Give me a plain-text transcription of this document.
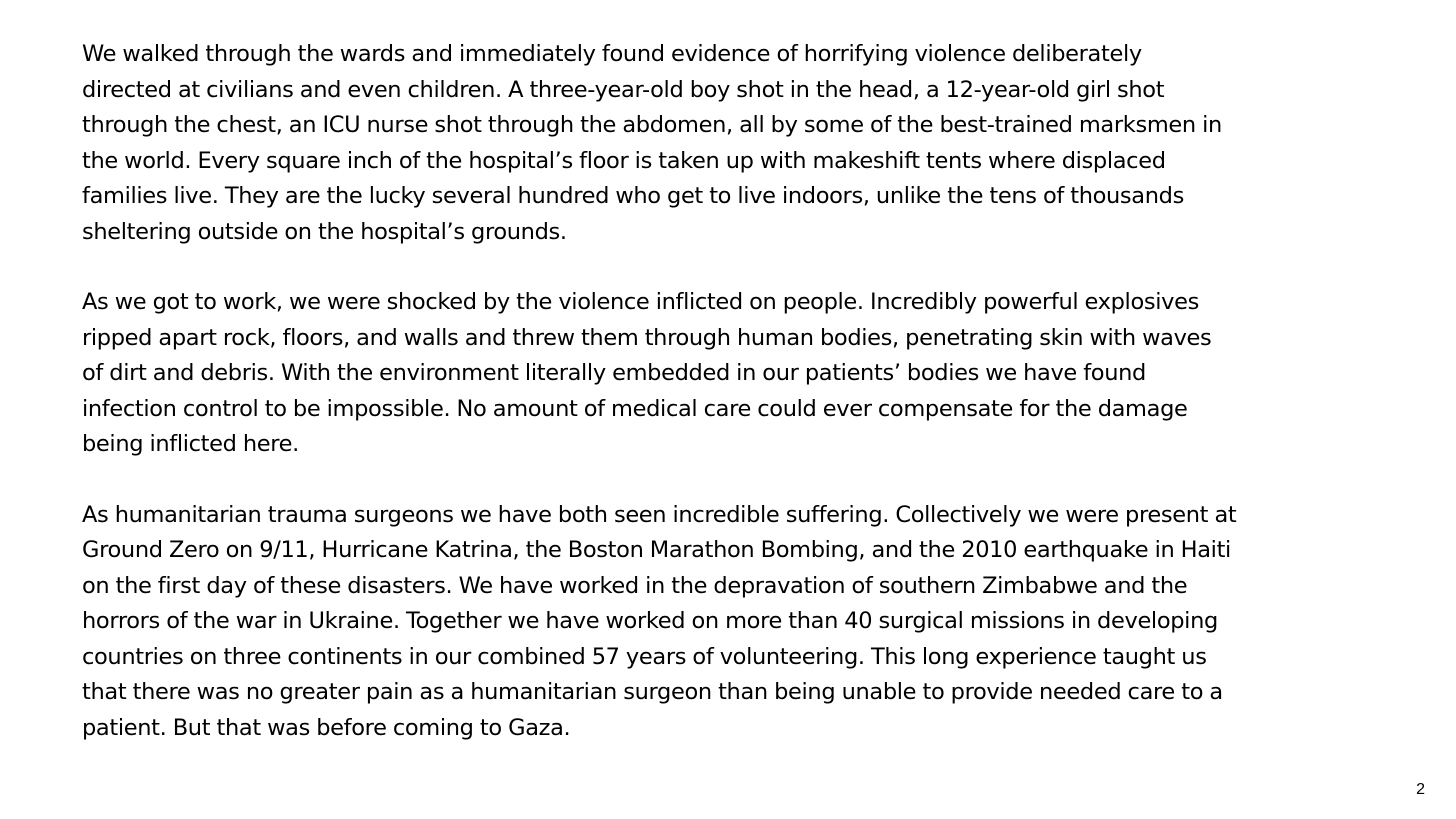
We walked through the wards and immediately found evidence of horrifying violence deliberately
directed at civilians and even children. A three-year-old boy shot in the head, a 12-year-old girl shot
through the chest, an ICU nurse shot through the abdomen, all by some of the best-trained marksmen in
the world. Every square inch of the hospital’s floor is taken up with makeshift tents where displaced
families live. They are the lucky several hundred who get to live indoors, unlike the tens of thousands
sheltering outside on the hospital’s grounds.

As we got to work, we were shocked by the violence inflicted on people. Incredibly powerful explosives
ripped apart rock, floors, and walls and threw them through human bodies, penetrating skin with waves
of dirt and debris. With the environment literally embedded in our patients’ bodies we have found
infection control to be impossible. No amount of medical care could ever compensate for the damage
being inflicted here.

As humanitarian trauma surgeons we have both seen incredible suffering. Collectively we were present at
Ground Zero on 9/11, Hurricane Katrina, the Boston Marathon Bombing, and the 2010 earthquake in Haiti
on the first day of these disasters. We have worked in the depravation of southern Zimbabwe and the
horrors of the war in Ukraine. Together we have worked on more than 40 surgical missions in developing
countries on three continents in our combined 57 years of volunteering. This long experience taught us
that there was no greater pain as a humanitarian surgeon than being unable to provide needed care to a
patient. But that was before coming to Gaza.

2
